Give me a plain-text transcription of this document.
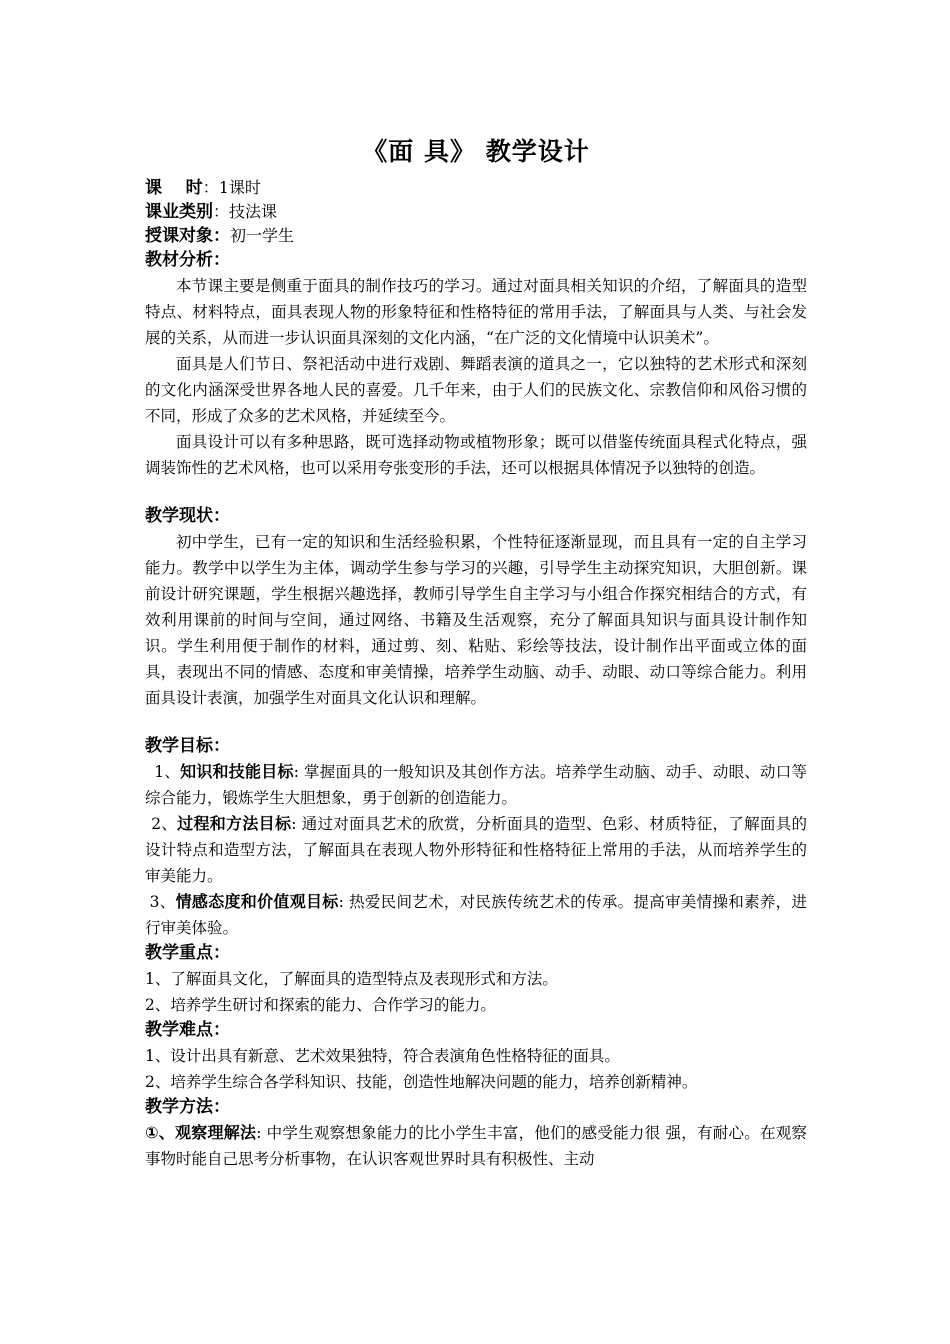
《面 具》 教学设计

课    时：1课时

课业类别：技法课

授课对象：初一学生

教材分析：

本节课主要是侧重于面具的制作技巧的学习。通过对面具相关知识的介绍，了解面具的造型特点、材料特点，面具表现人物的形象特征和性格特征的常用手法，了解面具与人类、与社会发展的关系，从而进一步认识面具深刻的文化内涵，“在广泛的文化情境中认识美术”。

面具是人们节日、祭祀活动中进行戏剧、舞蹈表演的道具之一，它以独特的艺术形式和深刻的文化内涵深受世界各地人民的喜爱。几千年来，由于人们的民族文化、宗教信仰和风俗习惯的不同，形成了众多的艺术风格，并延续至今。

面具设计可以有多种思路，既可选择动物或植物形象；既可以借鉴传统面具程式化特点，强调装饰性的艺术风格，也可以采用夸张变形的手法，还可以根据具体情况予以独特的创造。

教学现状：

初中学生，已有一定的知识和生活经验积累，个性特征逐渐显现，而且具有一定的自主学习能力。教学中以学生为主体，调动学生参与学习的兴趣，引导学生主动探究知识，大胆创新。课前设计研究课题，学生根据兴趣选择，教师引导学生自主学习与小组合作探究相结合的方式，有效利用课前的时间与空间，通过网络、书籍及生活观察，充分了解面具知识与面具设计制作知识。学生利用便于制作的材料，通过剪、刻、粘贴、彩绘等技法，设计制作出平面或立体的面具，表现出不同的情感、态度和审美情操，培养学生动脑、动手、动眼、动口等综合能力。利用面具设计表演，加强学生对面具文化认识和理解。

教学目标：

1、知识和技能目标: 掌握面具的一般知识及其创作方法。培养学生动脑、动手、动眼、动口等综合能力，锻炼学生大胆想象，勇于创新的创造能力。

2、过程和方法目标: 通过对面具艺术的欣赏，分析面具的造型、色彩、材质特征，了解面具的设计特点和造型方法，了解面具在表现人物外形特征和性格特征上常用的手法，从而培养学生的审美能力。

3、情感态度和价值观目标: 热爱民间艺术，对民族传统艺术的传承。提高审美情操和素养，进行审美体验。

教学重点：

1、了解面具文化，了解面具的造型特点及表现形式和方法。

2、培养学生研讨和探索的能力、合作学习的能力。

教学难点：

1、设计出具有新意、艺术效果独特，符合表演角色性格特征的面具。

2、培养学生综合各学科知识、技能，创造性地解决问题的能力，培养创新精神。

教学方法：

①、观察理解法: 中学生观察想象能力的比小学生丰富，他们的感受能力很 强，有耐心。在观察事物时能自己思考分析事物，在认识客观世界时具有积极性、主动
